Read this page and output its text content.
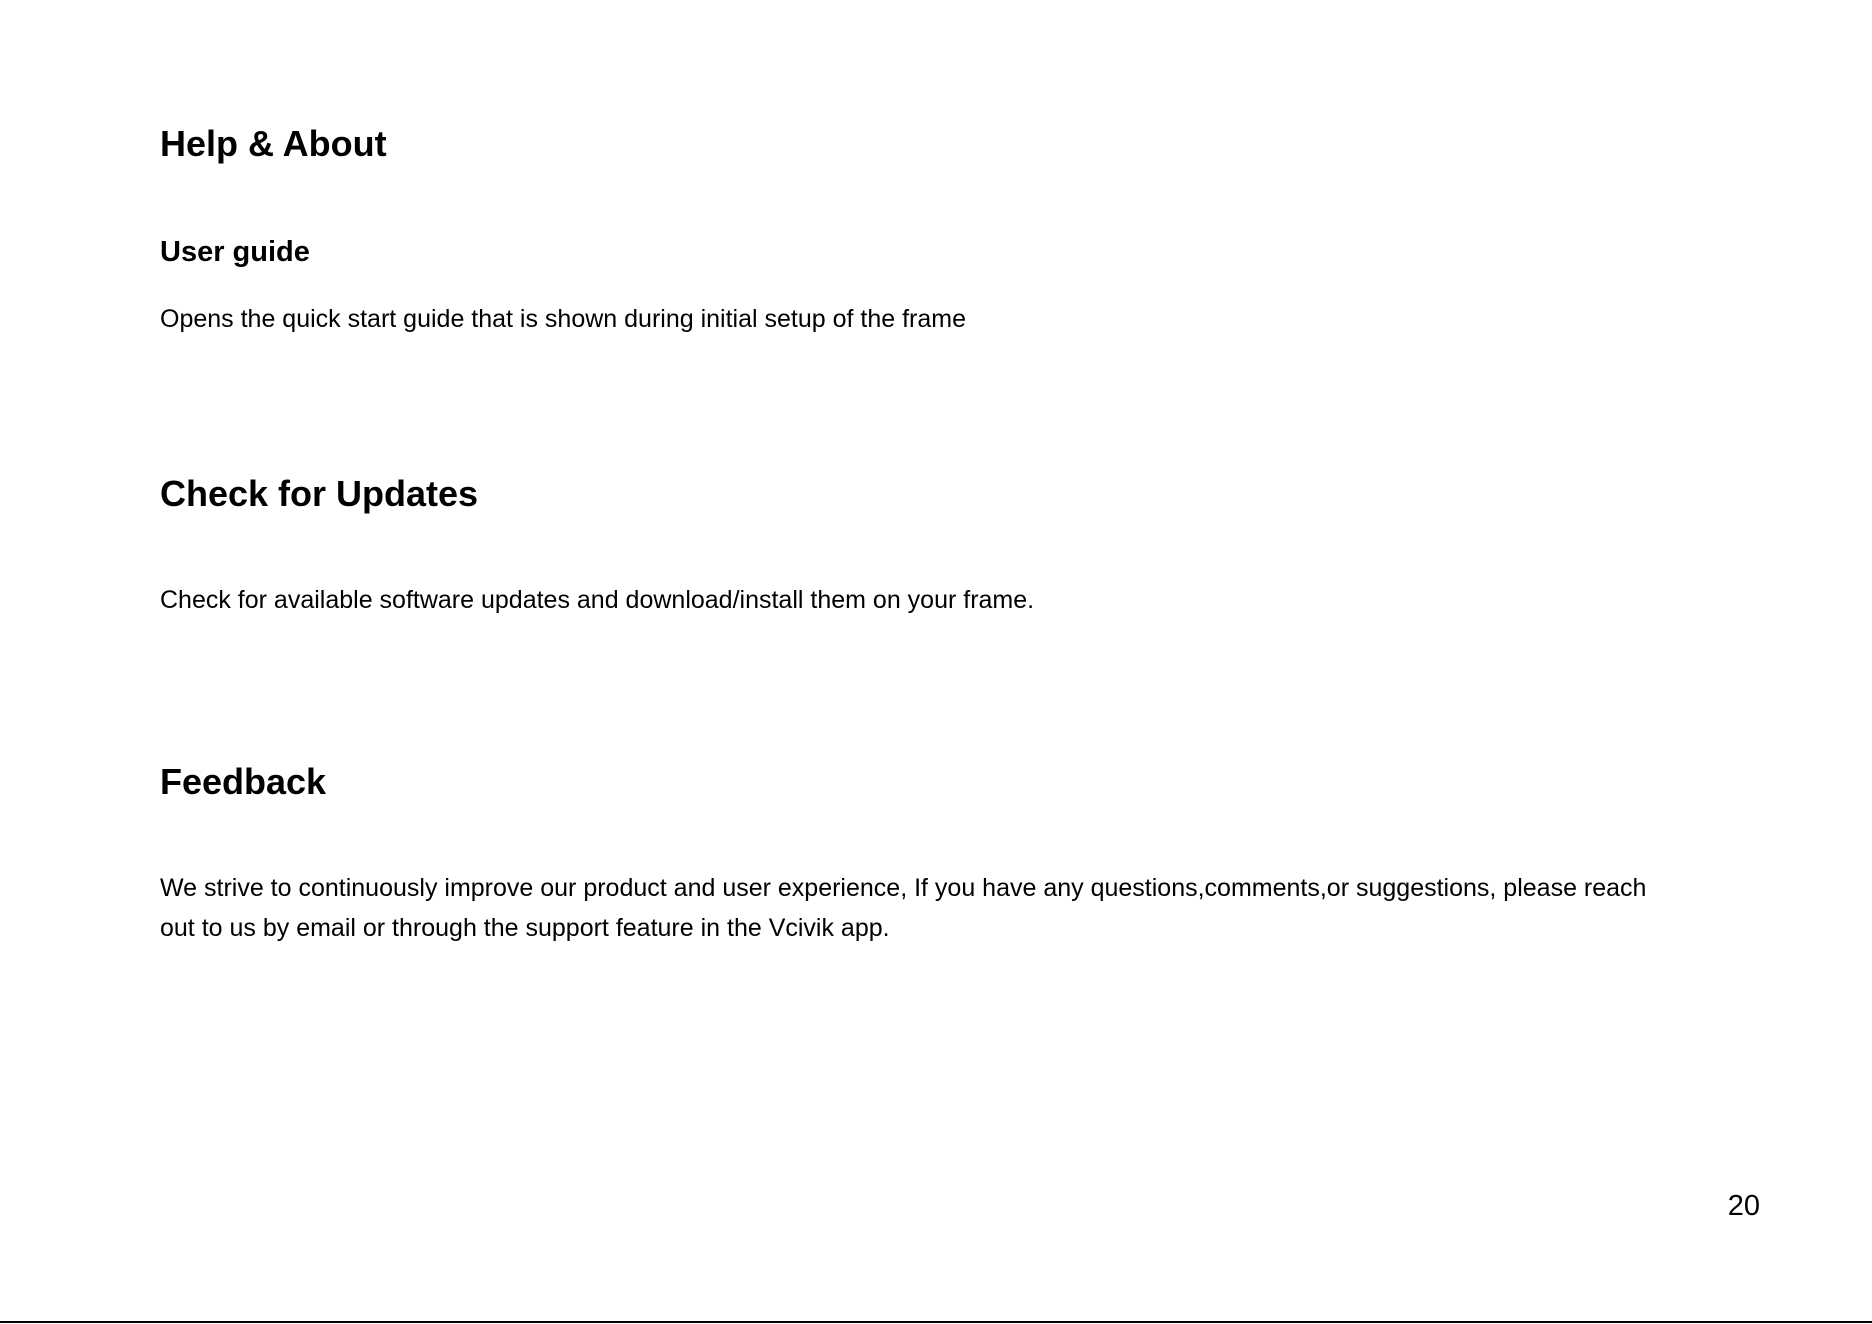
Help & About
User guide

Opens the quick start guide that is shown during initial setup of the frame

Check for Updates

Check for available software updates and download/install them on your frame.

Feedback
We strive to continuously improve our product and user experience, If you have any questions,comments,or suggestions, please reach
out to us by email or through the support feature in the Vcivik app.

20
